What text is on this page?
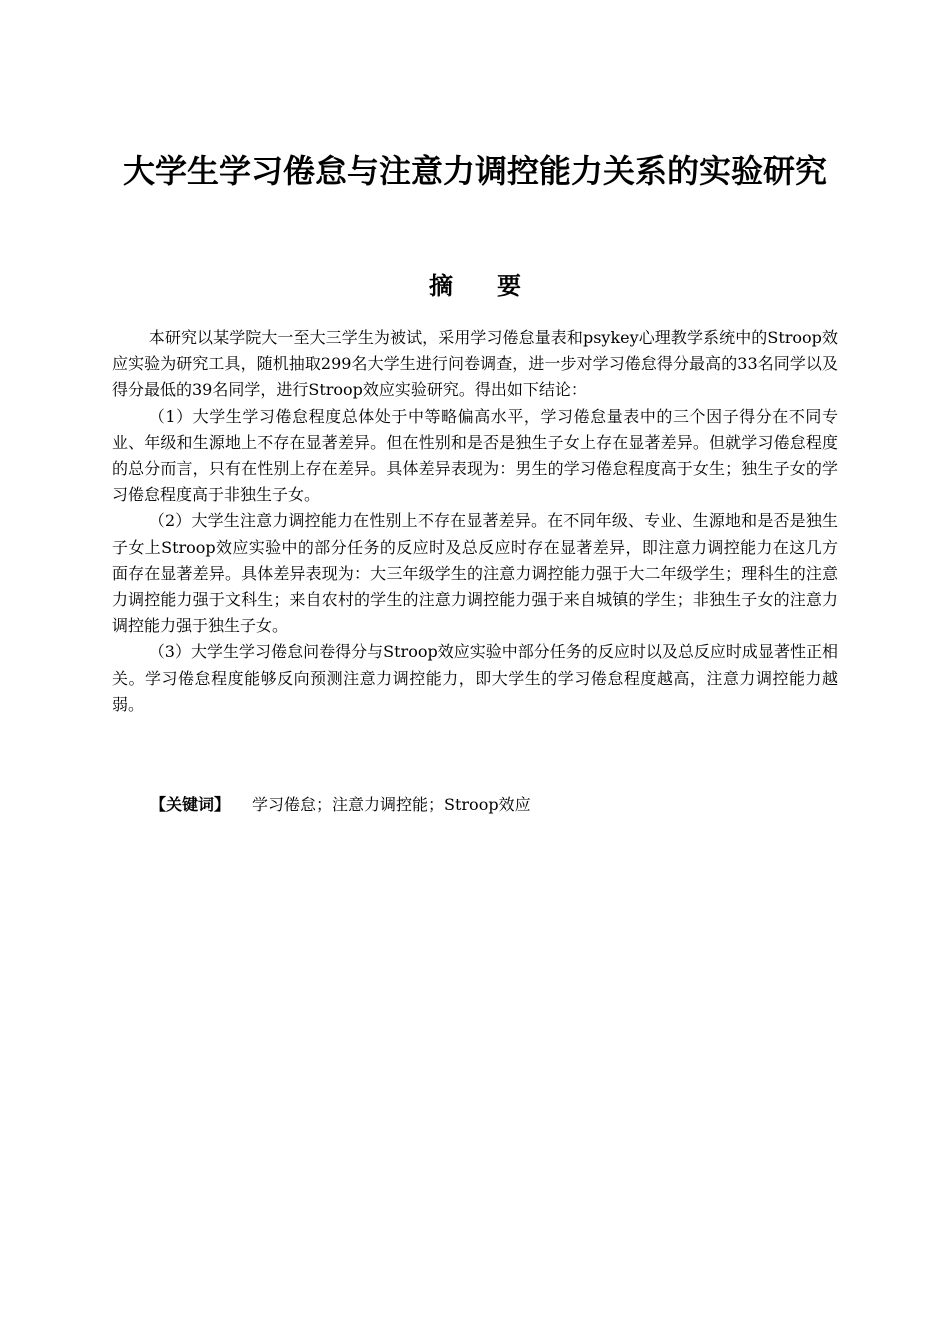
大学生学习倦怠与注意力调控能力关系的实验研究
摘要

本研究以某学院大一至大三学生为被试，采用学习倦怠量表和psykey心理教学系统中的Stroop效应实验为研究工具，随机抽取299名大学生进行问卷调查，进一步对学习倦怠得分最高的33名同学以及得分最低的39名同学，进行Stroop效应实验研究。得出如下结论：

（1）大学生学习倦怠程度总体处于中等略偏高水平，学习倦怠量表中的三个因子得分在不同专业、年级和生源地上不存在显著差异。但在性别和是否是独生子女上存在显著差异。但就学习倦怠程度的总分而言，只有在性别上存在差异。具体差异表现为：男生的学习倦怠程度高于女生；独生子女的学习倦怠程度高于非独生子女。

（2）大学生注意力调控能力在性别上不存在显著差异。在不同年级、专业、生源地和是否是独生子女上Stroop效应实验中的部分任务的反应时及总反应时存在显著差异，即注意力调控能力在这几方面存在显著差异。具体差异表现为：大三年级学生的注意力调控能力强于大二年级学生；理科生的注意力调控能力强于文科生；来自农村的学生的注意力调控能力强于来自城镇的学生；非独生子女的注意力调控能力强于独生子女。

（3）大学生学习倦怠问卷得分与Stroop效应实验中部分任务的反应时以及总反应时成显著性正相关。学习倦怠程度能够反向预测注意力调控能力，即大学生的学习倦怠程度越高，注意力调控能力越弱。

【关键词】 学习倦怠；注意力调控能；Stroop效应
